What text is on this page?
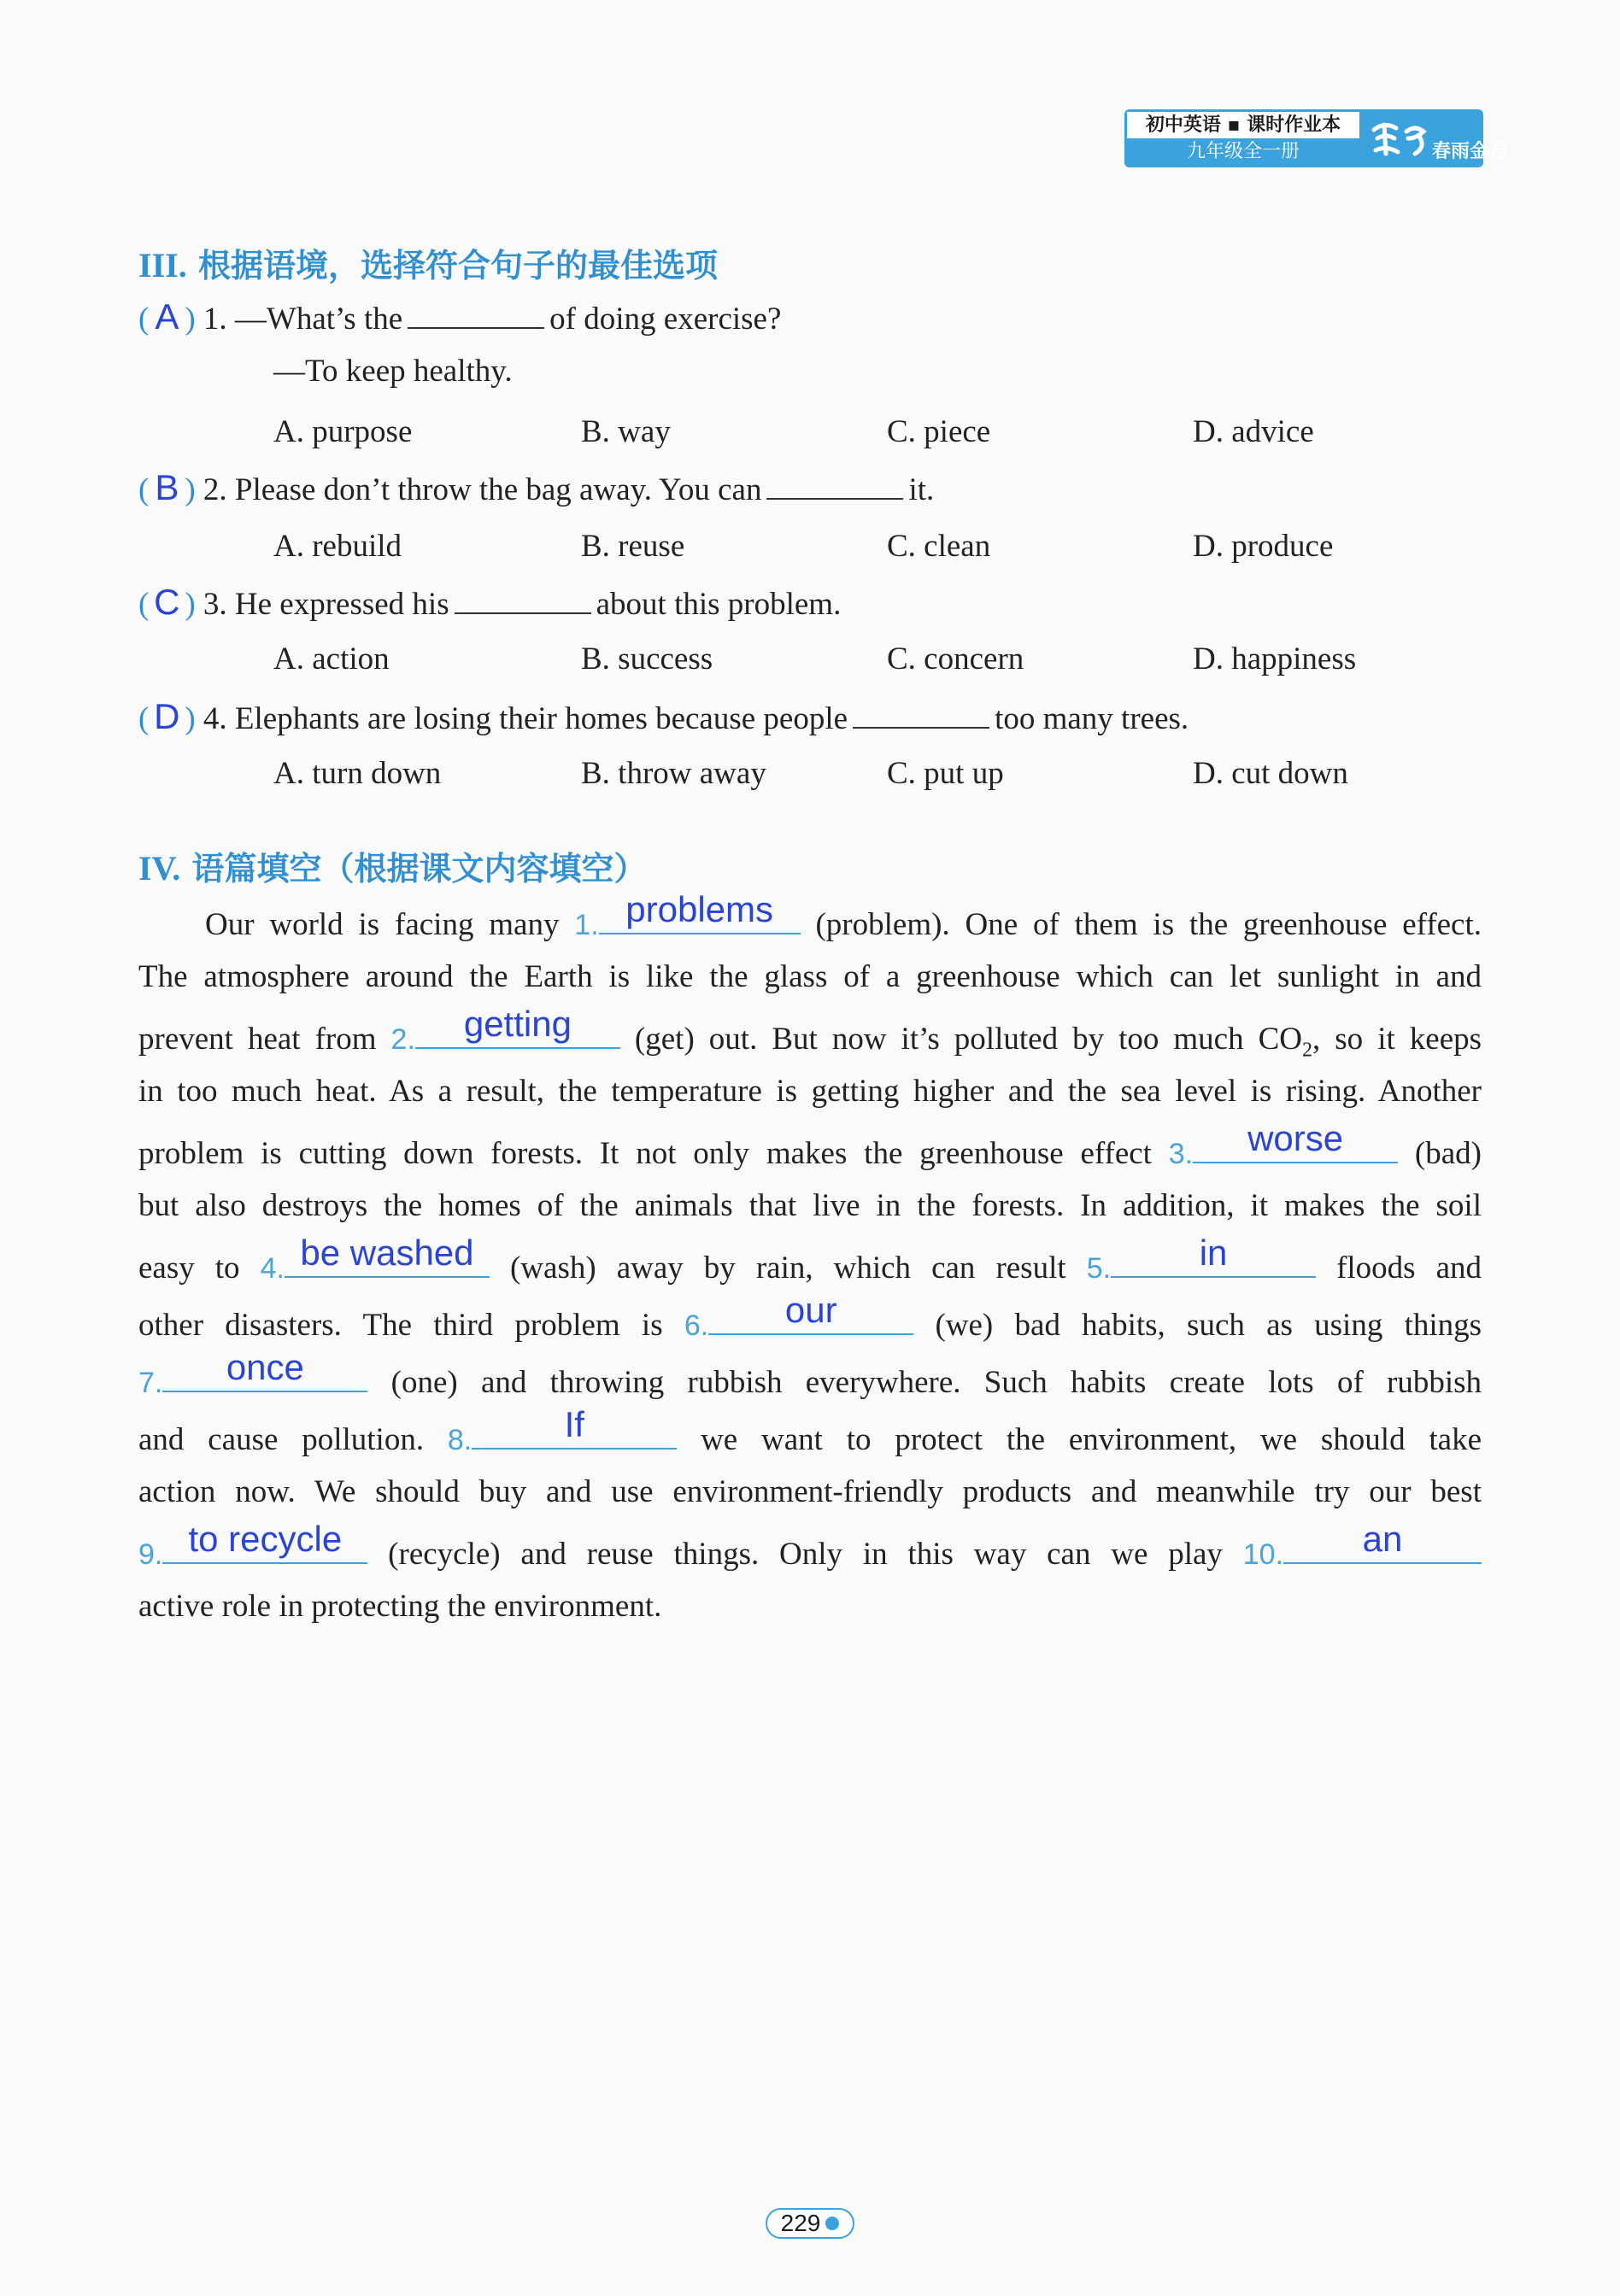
初中英语 ▪ 课时作业本
九年级全一册	春雨金卷
III. 根据语境，选择符合句子的最佳选项
( A ) 1. —What’s the	of doing exercise?
—To keep healthy.
A. purpose	B. way	C. piece	D. advice
( B ) 2. Please don’t throw the bag away. You can	it.
A. rebuild	B. reuse	C. clean	D. produce
( C ) 3. He expressed his	about this problem.
A. action	B. success	C. concern	D. happiness
( D ) 4. Elephants are losing their homes because people	too many trees.
A. turn down	B. throw away	C. put up	D. cut down
IV. 语篇填空（根据课文内容填空）
Our world is facing many 1. problems	(problem). One of them is the greenhouse effect.
The atmosphere around the Earth is like the glass of a greenhouse which can let sunlight in and
prevent heat from 2.	getting	(get) out. But now it’s polluted by too much $CO_2$, so it keeps
in too much heat. As a result, the temperature is getting higher and the sea level is rising. Another
problem is cutting down forests. It not only makes the greenhouse effect 3.	worse	(bad)
but also destroys the homes of the animals that live in the forests. In addition, it makes the soil
easy to 4. be washed	(wash) away by rain, which can result 5.	in	floods and
other disasters. The third problem is 6.	our	(we) bad habits, such as using things
7.	once	(one) and throwing rubbish everywhere. Such habits create lots of rubbish
and cause pollution. 8.	If	we want to protect the environment, we should take
action now. We should buy and use environment-friendly products and meanwhile try our best
9. to recycle	(recycle) and reuse things. Only in this way can we play 10.	an
active role in protecting the environment.
229
